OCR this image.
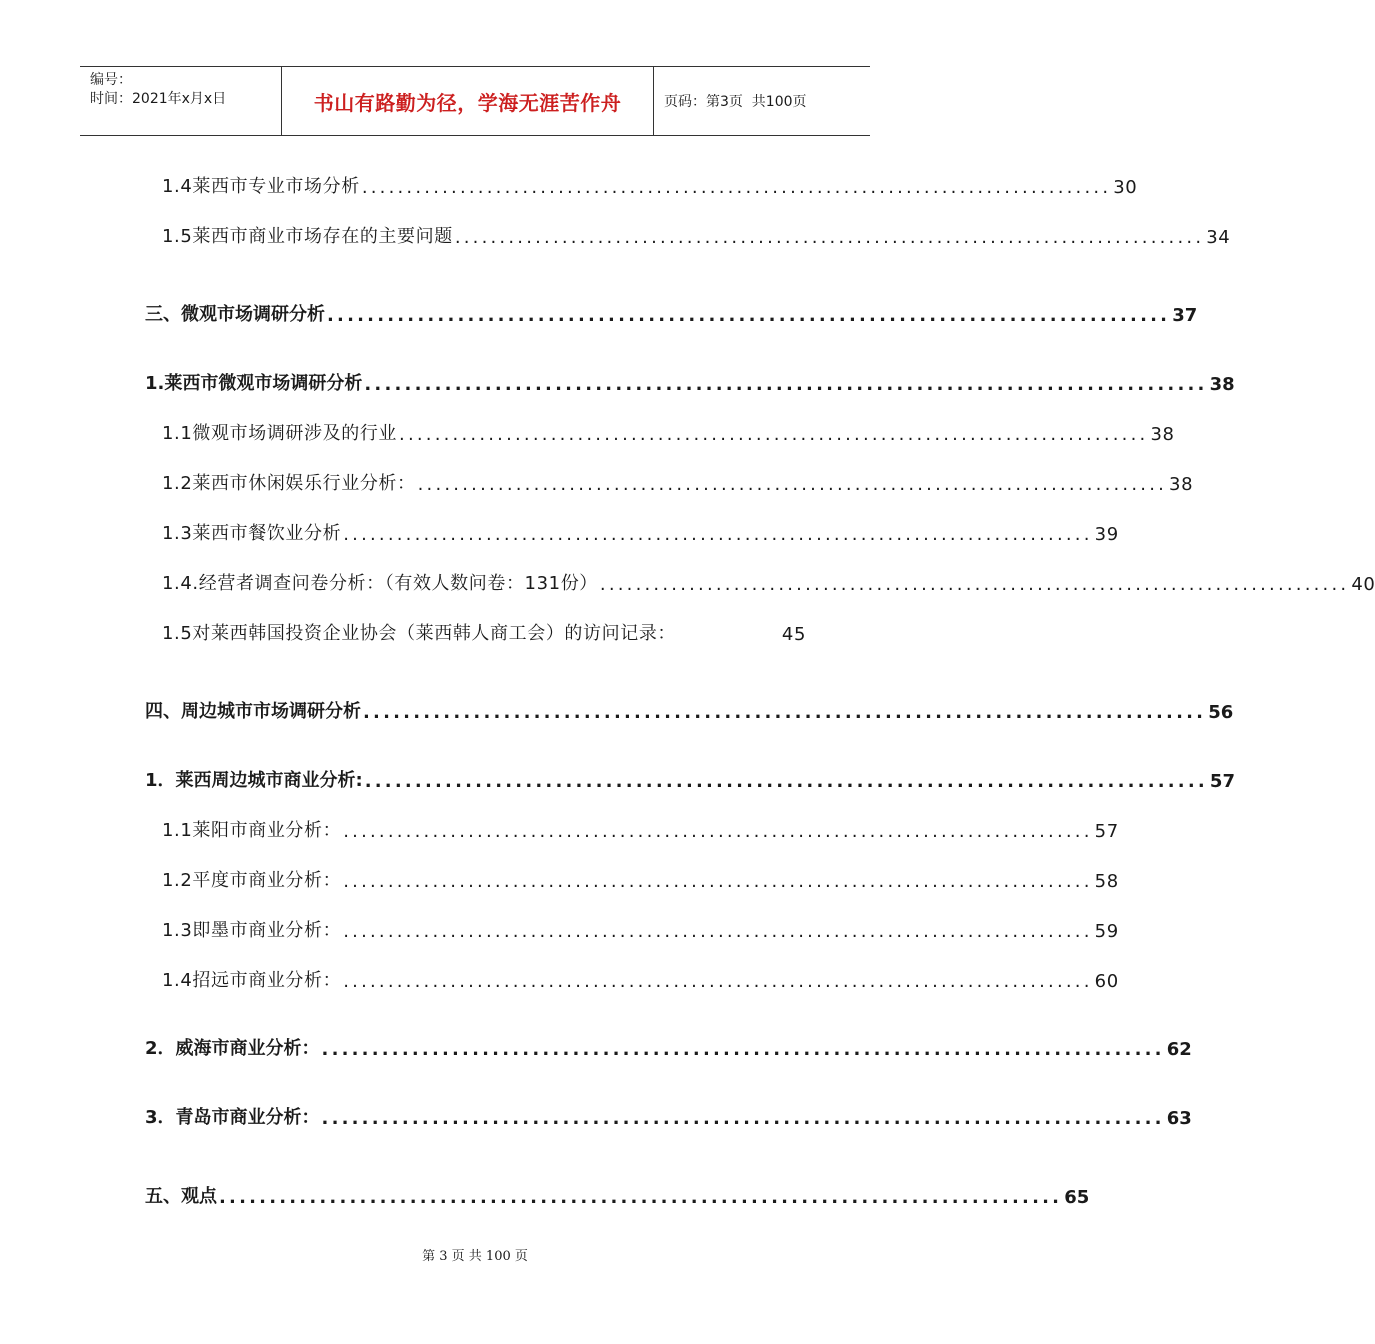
编号：
时间：2021年x月x日	书山有路勤为径，学海无涯苦作舟	页码：第3页  共100页
1.4莱西市专业市场分析 .................................................................................... 30
1.5莱西市商业市场存在的主要问题 .................................................................................... 34
三、微观市场调研分析 .................................................................................... 37
1.莱西市微观市场调研分析 .................................................................................... 38
1.1微观市场调研涉及的行业 .................................................................................... 38
1.2莱西市休闲娱乐行业分析： .................................................................................... 38
1.3莱西市餐饮业分析 .................................................................................... 39
1.4.经营者调查问卷分析：（有效人数问卷：131份） .................................................................................... 40
1.5对莱西韩国投资企业协会（莱西韩人商工会）的访问记录：	45
四、周边城市市场调研分析 .................................................................................... 56
1．莱西周边城市商业分析: .................................................................................... 57
1.1莱阳市商业分析： .................................................................................... 57
1.2平度市商业分析： .................................................................................... 58
1.3即墨市商业分析： .................................................................................... 59
1.4招远市商业分析： .................................................................................... 60
2．威海市商业分析： .................................................................................... 62
3．青岛市商业分析： .................................................................................... 63
五、观点 .................................................................................... 65
第 3 页 共 100 页
